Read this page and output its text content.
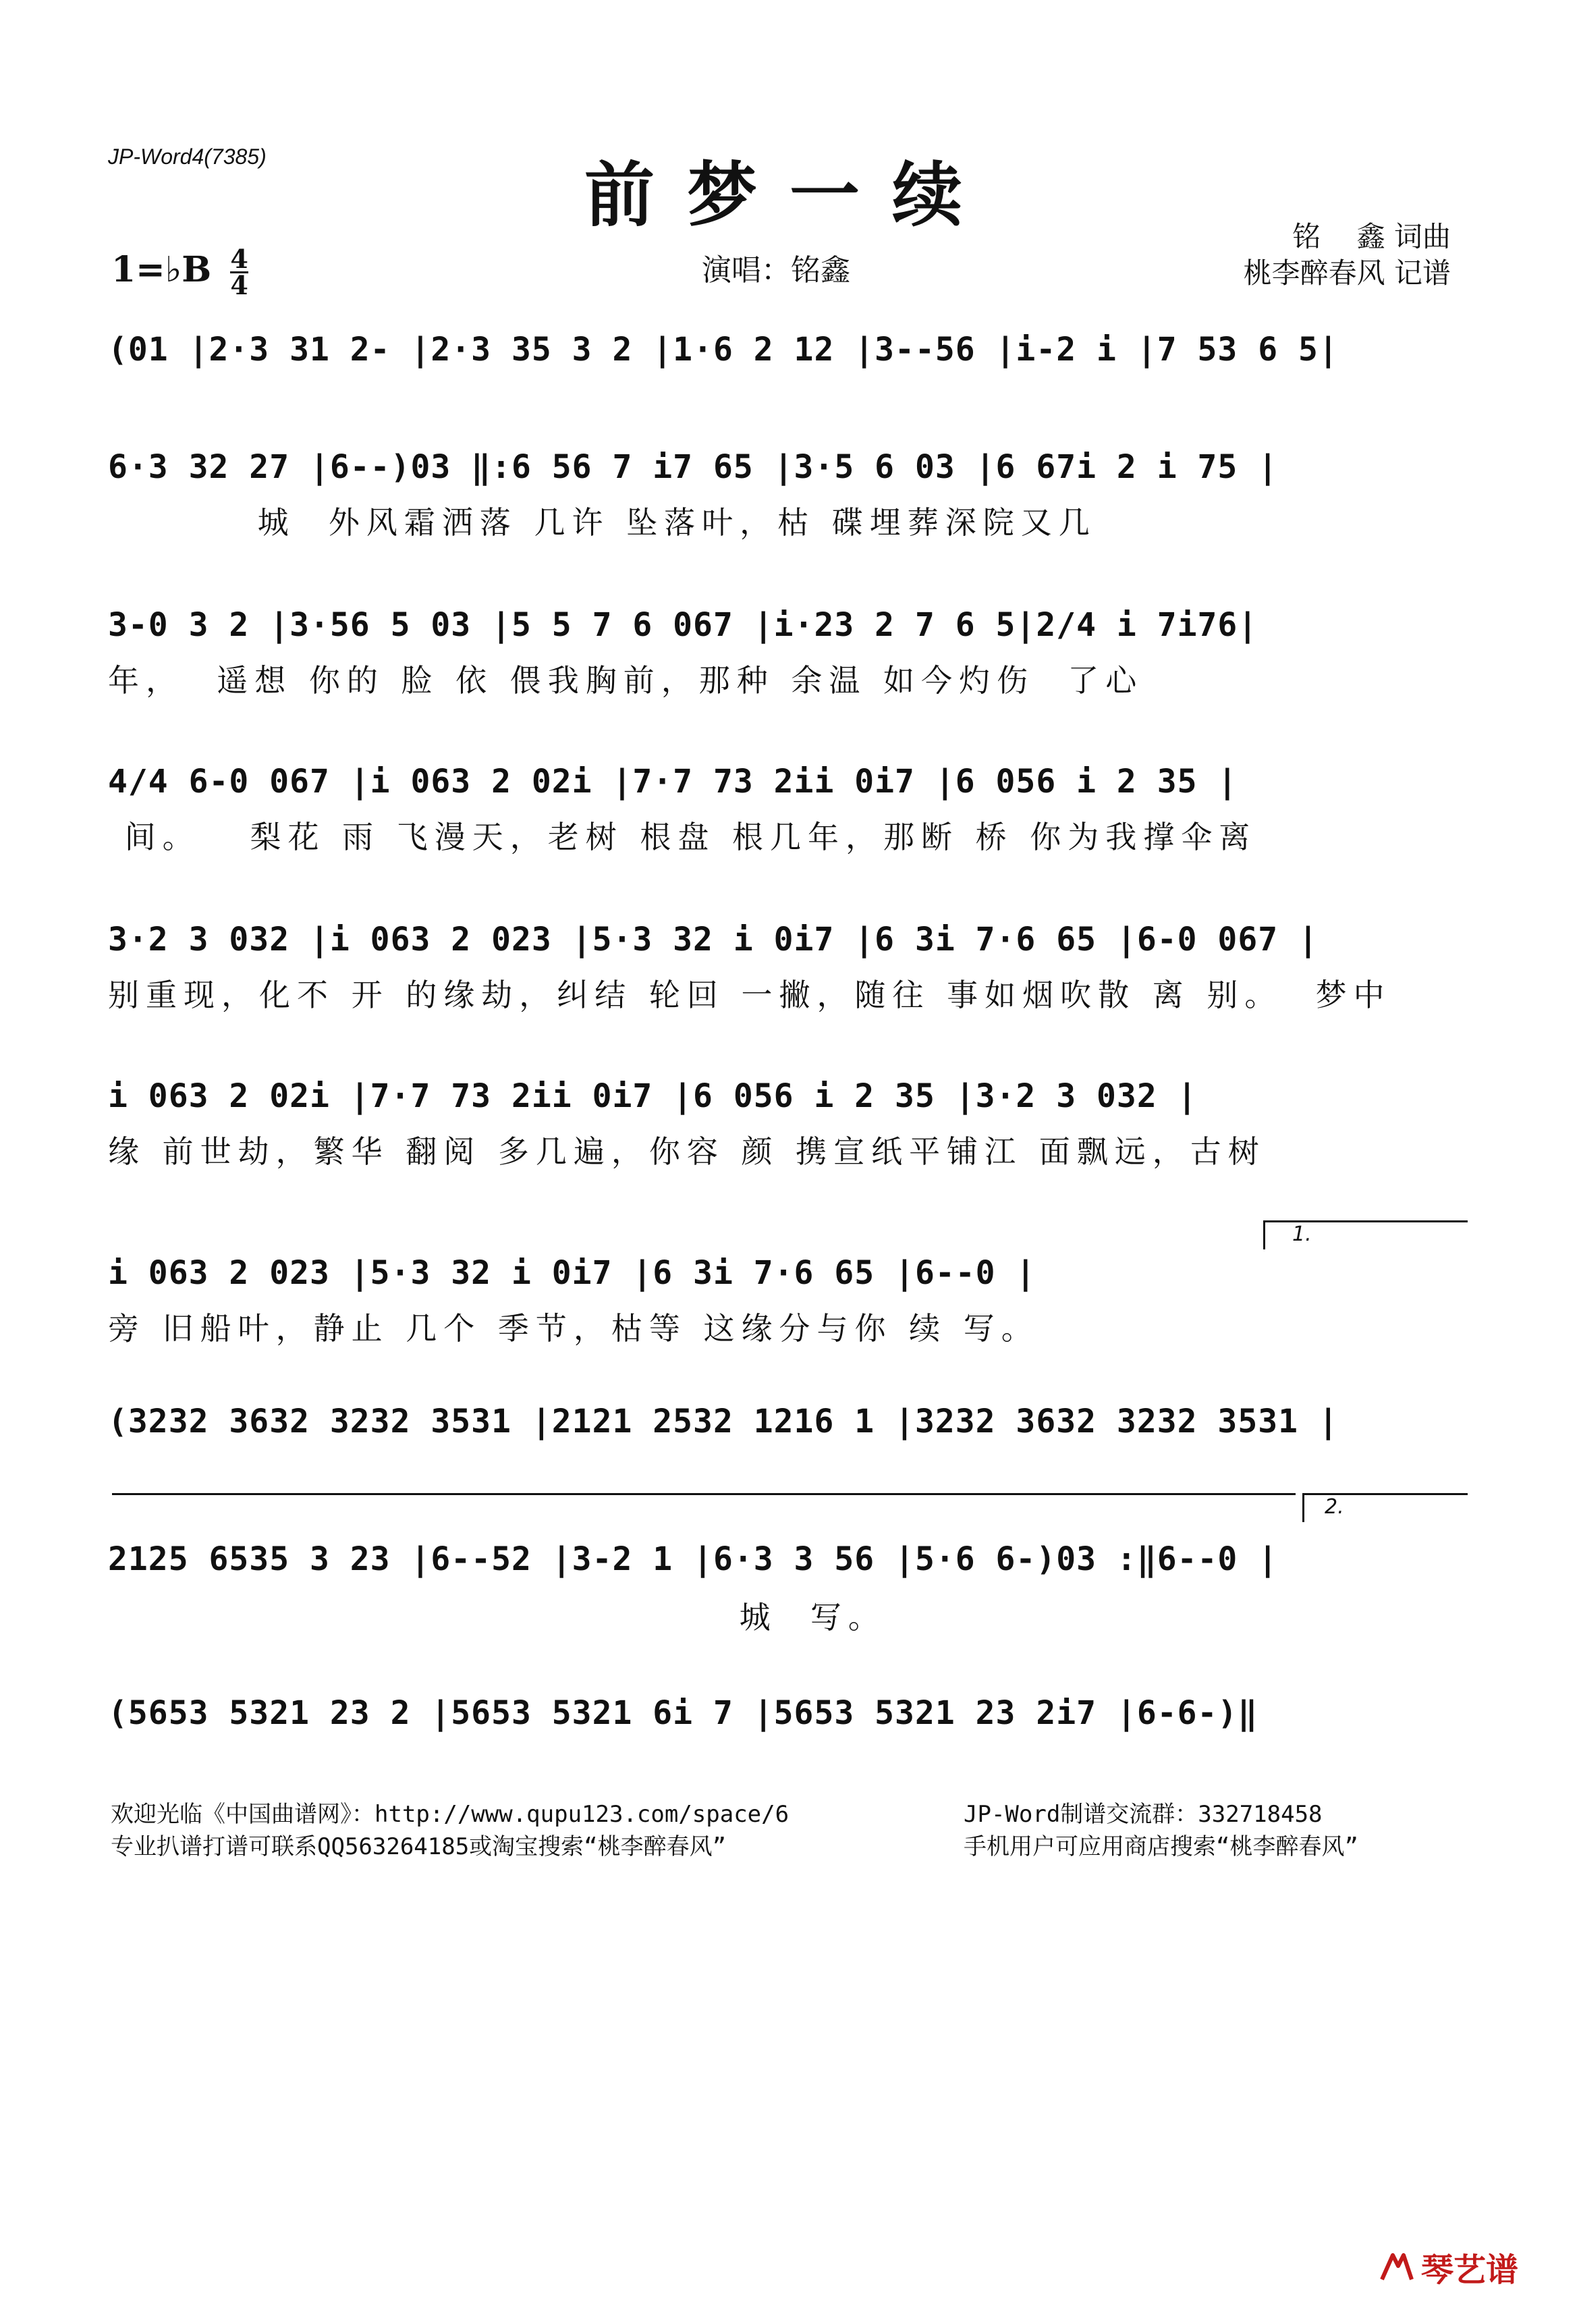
JP-Word4(7385)	前梦一续
铭    鑫 词曲
桃李醉春风 记谱
1=♭B $\frac{4}{4}$	演唱：铭鑫
(01 |2·3 31 2- |2·3 35 3 2 |1·6 2 12 |3--56 |i-2 i |7 53 6 5|
6·3 32 27 |6--)03 ‖:6 56 7 i7 65 |3·5 6 03 |6 67i 2 i 75 |
城  外风霜洒落 几许 坠落叶，枯 碟埋葬深院又几
3-0 3 2 |3·56 5 03 |5 5 7 6 067 |i·23 2 7 6 5|2/4 i 7i76|
年，  遥想 你的 脸 依 偎我胸前，那种 余温 如今灼伤  了心
4/4 6-0 067 |i 063 2 02i |7·7 73 2ii 0i7 |6 056 i 2 35 |
间。   梨花 雨 飞漫天，老树 根盘 根几年，那断 桥 你为我撑伞离
3·2 3 032 |i 063 2 023 |5·3 32 i 0i7 |6 3i 7·6 65 |6-0 067 |
别重现，化不 开 的缘劫，纠结 轮回 一撇，随往 事如烟吹散 离 别。  梦中
i 063 2 02i |7·7 73 2ii 0i7 |6 056 i 2 35 |3·2 3 032 |
缘 前世劫，繁华 翻阅 多几遍，你容 颜 携宣纸平铺江 面飘远，古树
1.
i 063 2 023 |5·3 32 i 0i7 |6 3i 7·6 65 |6--0 |
旁 旧船叶，静止 几个 季节，枯等 这缘分与你 续 写。
(3232 3632 3232 3531 |2121 2532 1216 1 |3232 3632 3232 3531 |
2.
2125 6535 3 23 |6--52 |3-2 1 |6·3 3 56 |5·6 6-)03 :‖6--0 |
城  写。
(5653 5321 23 2 |5653 5321 6i 7 |5653 5321 23 2i7 |6-6-)‖
欢迎光临《中国曲谱网》：http://www.qupu123.com/space/6
专业扒谱打谱可联系QQ563264185或淘宝搜索“桃李醉春风”
JP-Word制谱交流群：332718458
手机用户可应用商店搜索“桃李醉春风”
琴艺谱
